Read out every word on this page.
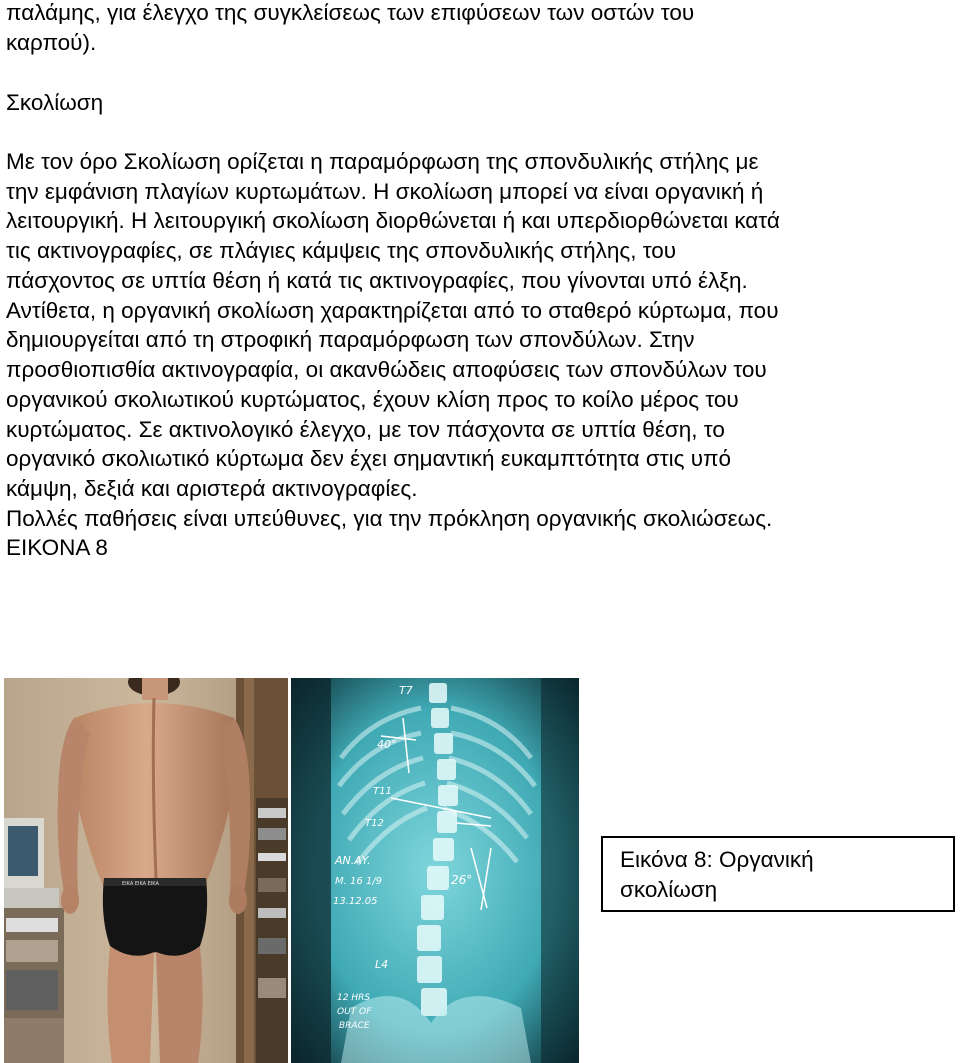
παλάμης, για έλεγχο της συγκλείσεως των επιφύσεων των οστών του
καρπού).
Σκολίωση
Με τον όρο Σκολίωση ορίζεται η παραμόρφωση της σπονδυλικής στήλης με
την εμφάνιση πλαγίων κυρτωμάτων. Η σκολίωση μπορεί να είναι οργανική ή
λειτουργική. Η λειτουργική σκολίωση διορθώνεται ή και υπερδιορθώνεται κατά
τις ακτινογραφίες, σε πλάγιες κάμψεις της σπονδυλικής στήλης, του
πάσχοντος σε υπτία θέση ή κατά τις ακτινογραφίες, που γίνονται υπό έλξη.
Αντίθετα, η οργανική σκολίωση χαρακτηρίζεται από το σταθερό κύρτωμα, που
δημιουργείται από τη στροφική παραμόρφωση των σπονδύλων. Στην
προσθιοπισθία ακτινογραφία, οι ακανθώδεις αποφύσεις των σπονδύλων του
οργανικού σκολιωτικού κυρτώματος, έχουν κλίση προς το κοίλο μέρος του
κυρτώματος. Σε ακτινολογικό έλεγχο, με τον πάσχοντα σε υπτία θέση, το
οργανικό σκολιωτικό κύρτωμα δεν έχει σημαντική ευκαμπτότητα στις υπό
κάμψη, δεξιά και αριστερά ακτινογραφίες.
Πολλές παθήσεις είναι υπεύθυνες, για την πρόκληση οργανικής σκολιώσεως.
ΕΙΚΟΝΑ 8
EIKA EIKA EIKA
T7
40°
T11
T12
AN.AY.
M. 16 1/9
13.12.05
26°
L4
12 HRS
OUT OF
BRACE
Εικόνα 8: Οργανική
σκολίωση
